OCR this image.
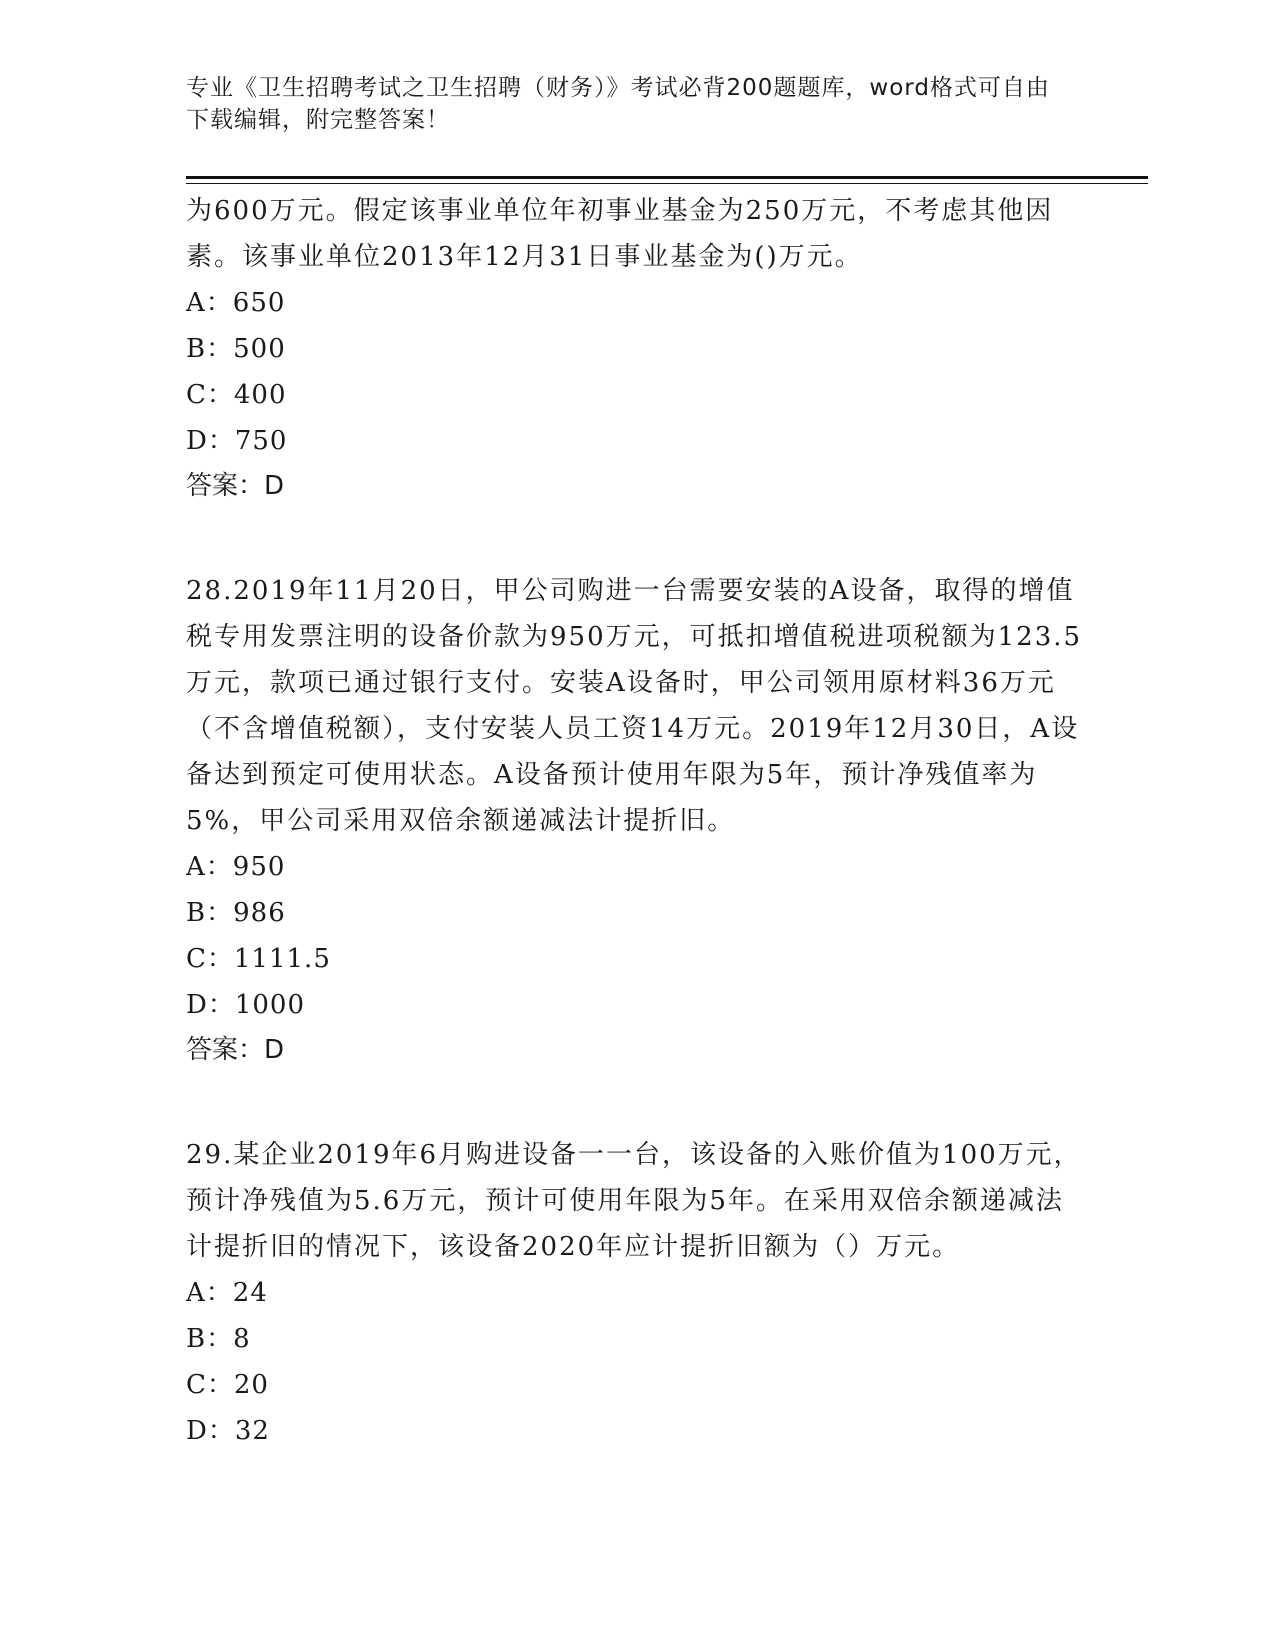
专业《卫生招聘考试之卫生招聘（财务）》考试必背200题题库，word格式可自由下载编辑，附完整答案！

为600万元。假定该事业单位年初事业基金为250万元，不考虑其他因素。该事业单位2013年12月31日事业基金为()万元。

A：650

B：500

C：400

D：750

答案：D

28.2019年11月20日，甲公司购进一台需要安装的A设备，取得的增值税专用发票注明的设备价款为950万元，可抵扣增值税进项税额为123.5万元，款项已通过银行支付。安装A设备时，甲公司领用原材料36万元（不含增值税额），支付安装人员工资14万元。2019年12月30日，A设备达到预定可使用状态。A设备预计使用年限为5年，预计净残值率为5%，甲公司采用双倍余额递减法计提折旧。

A：950

B：986

C：1111.5

D：1000

答案：D

29.某企业2019年6月购进设备一一台，该设备的入账价值为100万元，预计净残值为5.6万元，预计可使用年限为5年。在采用双倍余额递减法计提折旧的情况下，该设备2020年应计提折旧额为（）万元。

A：24

B：8

C：20

D：32
